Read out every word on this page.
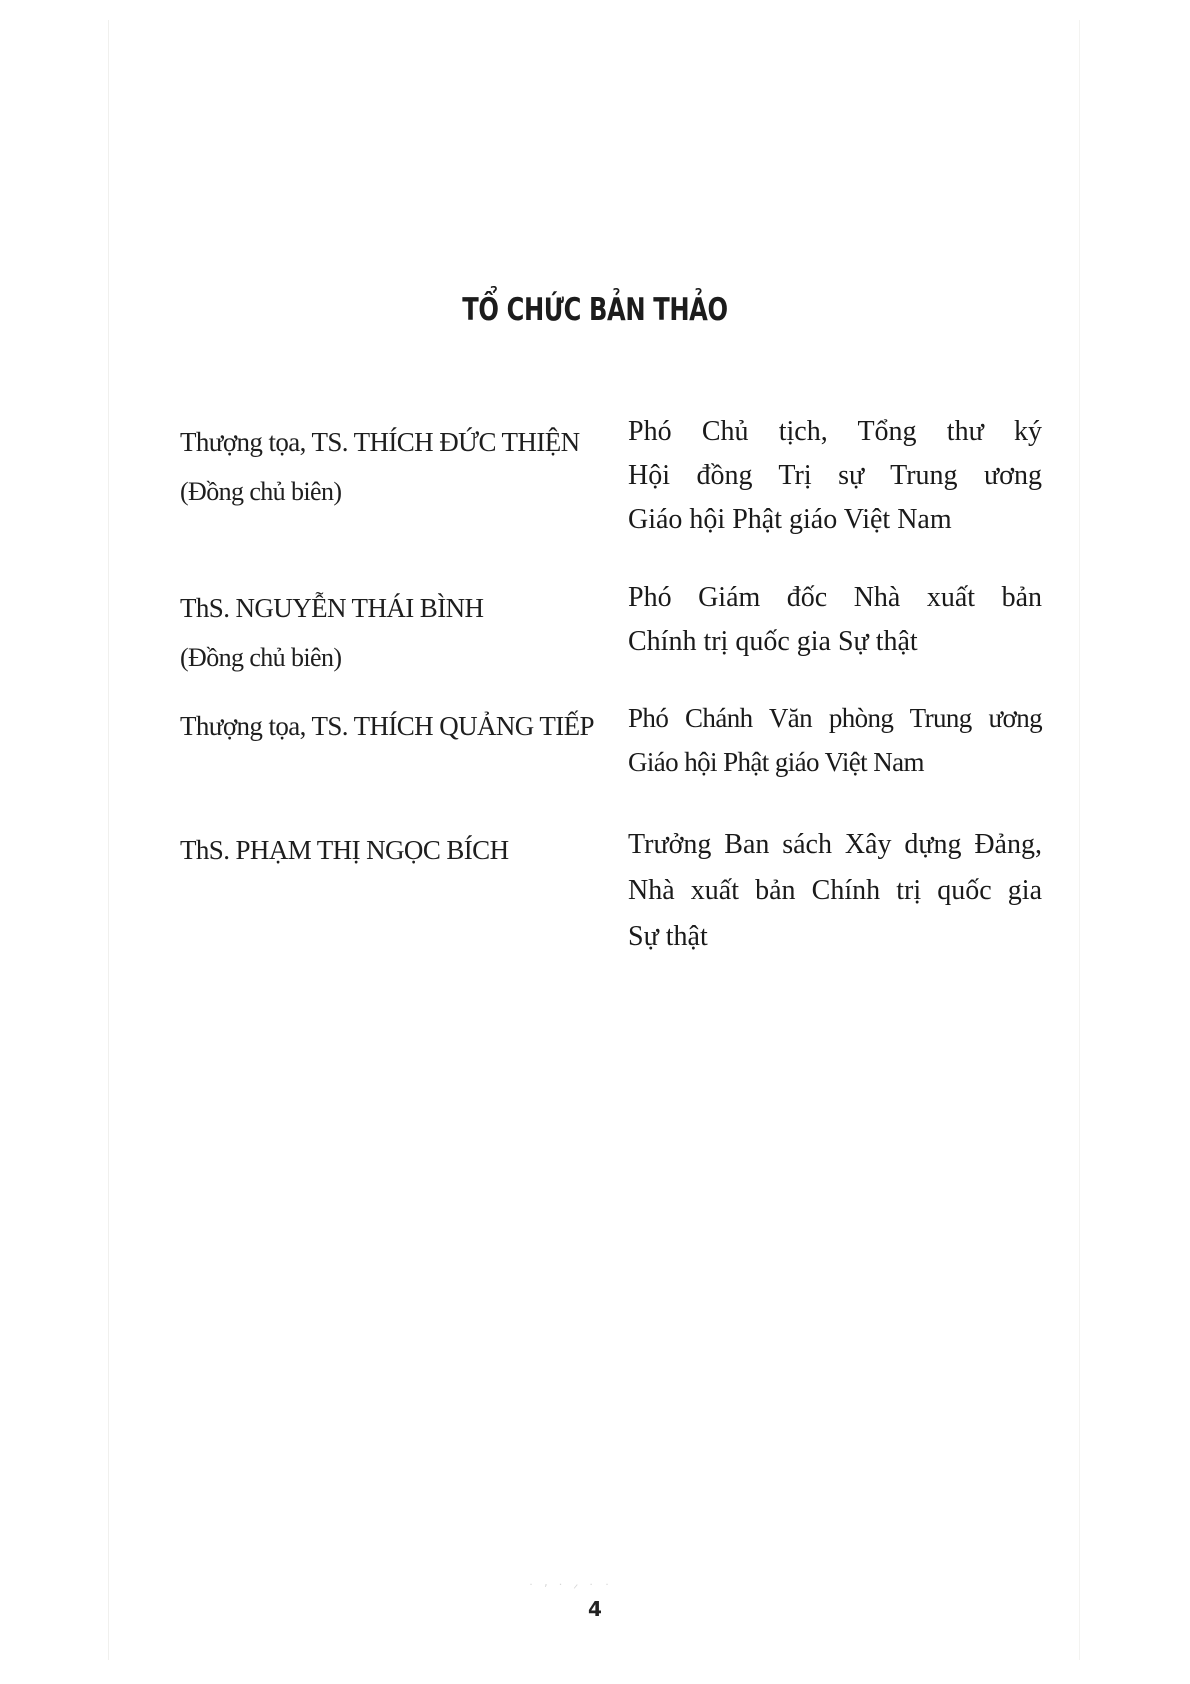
TỔ CHỨC BẢN THẢO
Thượng tọa, TS. THÍCH ĐỨC THIỆN
(Đồng chủ biên)
Phó Chủ tịch, Tổng thư ký
Hội đồng Trị sự Trung ương
Giáo hội Phật giáo Việt Nam
ThS. NGUYỄN THÁI BÌNH
(Đồng chủ biên)
Phó Giám đốc Nhà xuất bản
Chính trị quốc gia Sự thật
Thượng tọa, TS. THÍCH QUẢNG TIẾP	Phó Chánh Văn phòng Trung ương
Giáo hội Phật giáo Việt Nam
ThS. PHẠM THỊ NGỌC BÍCH	Trưởng Ban sách Xây dựng Đảng,
Nhà xuất bản Chính trị quốc gia
Sự thật
˙ ʼ ˙ ᐟ ˙ ˙
4
